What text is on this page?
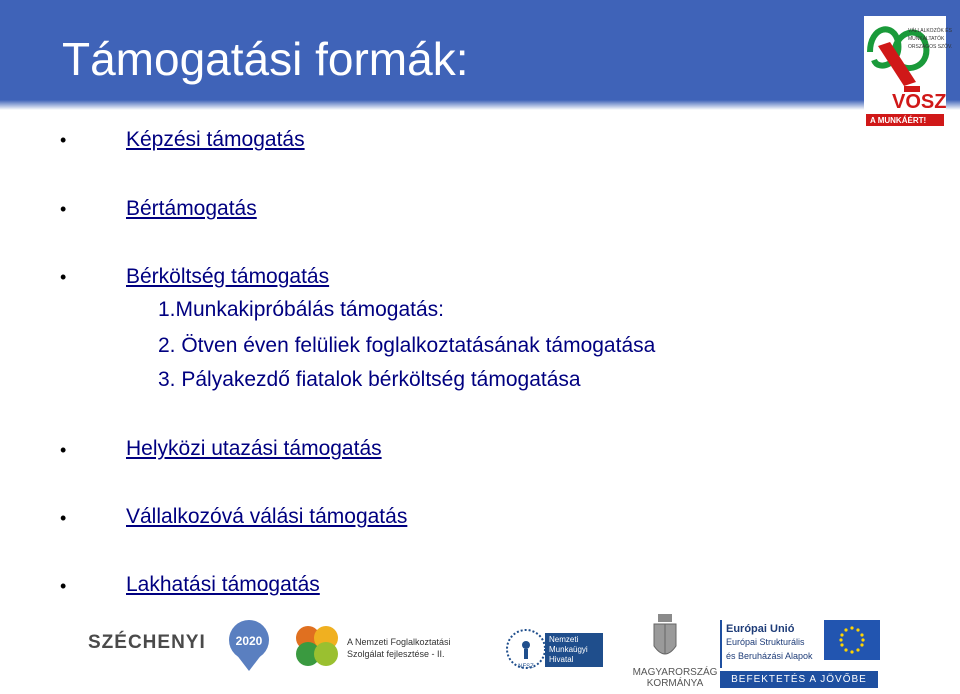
Támogatási formák:
VÁLLALKOZÓK ÉS
MUNKÁLTATÓK
ORSZÁGOS SZÖV.
VOSZ
A MUNKÁÉRT!
•	Képzési támogatás
•	Bértámogatás
•	Bérköltség támogatás
1.Munkakipróbálás támogatás:
2. Ötven éven felüliek foglalkoztatásának támogatása
3. Pályakezdő fiatalok bérköltség támogatása
•	Helyközi utazási támogatás
•	Vállalkozóvá válási támogatás
•	Lakhatási támogatás
SZÉCHENYI 2020	A Nemzeti Foglalkoztatási Szolgálat fejlesztése - II.
NFSZ
Nemzeti Munkaügyi Hivatal
MAGYARORSZÁG KORMÁNYA
Európai Unió
Európai Strukturális
és Beruházási Alapok
BEFEKTETÉS A JÖVŐBE
